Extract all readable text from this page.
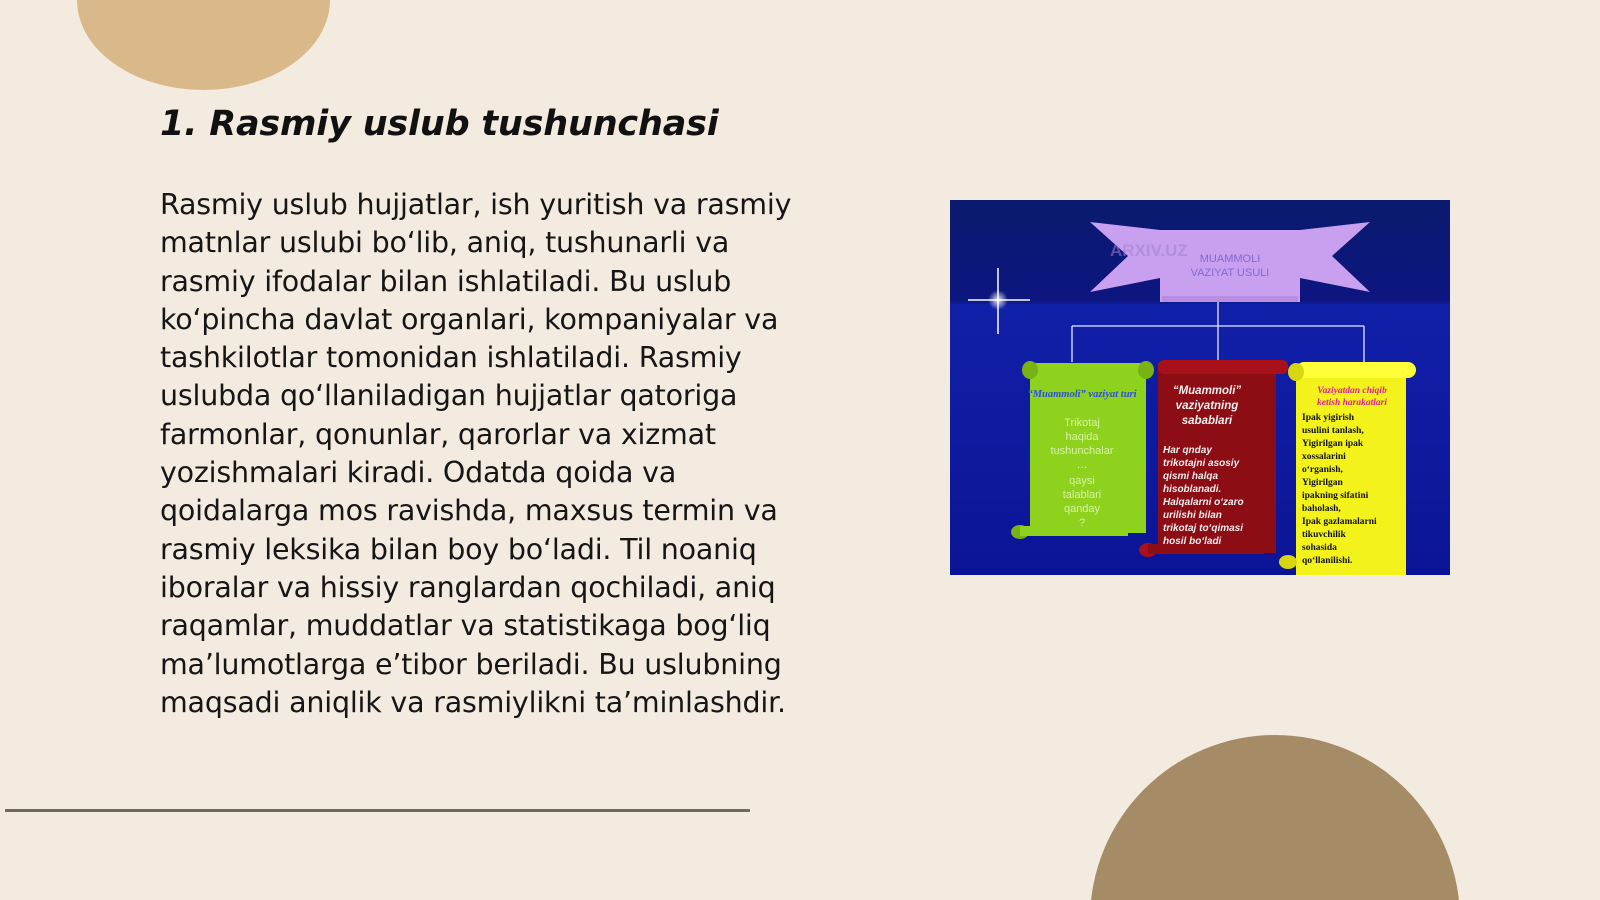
1. Rasmiy uslub tushunchasi

Rasmiy uslub hujjatlar, ish yuritish va rasmiy
matnlar uslubi bo‘lib, aniq, tushunarli va
rasmiy ifodalar bilan ishlatiladi. Bu uslub
ko‘pincha davlat organlari, kompaniyalar va
tashkilotlar tomonidan ishlatiladi. Rasmiy
uslubda qo‘llaniladigan hujjatlar qatoriga
farmonlar, qonunlar, qarorlar va xizmat
yozishmalari kiradi. Odatda qoida va
qoidalarga mos ravishda, maxsus termin va
rasmiy leksika bilan boy bo‘ladi. Til noaniq
iboralar va hissiy ranglardan qochiladi, aniq
raqamlar, muddatlar va statistikaga bog‘liq
ma’lumotlarga e’tibor beriladi. Bu uslubning
maqsadi aniqlik va rasmiylikni ta’minlashdir.

ARXIV.UZ MUAMMOLI
VAZIYAT USULI
“Muammoli” vaziyat turi
Trikotaj
haqida
tushunchalar
…
qaysi
talablari
qanday
?
“Muammoli”
vaziyatning
sabablari
Har qnday
trikotajni asosiy
qismi halqa
hisoblanadi.
Halqalarni o‘zaro
urilishi bilan
trikotaj to‘qimasi
hosil bo‘ladi
Vaziyatdan chiqib
ketish harakatlari
Ipak yigirish
usulini tanlash,
Yigirilgan ipak
xossalarini
o‘rganish,
Yigirilgan
ipakning sifatini
baholash,
Ipak gazlamalarni
tikuvchilik
sohasida
qo‘llanilishi.
